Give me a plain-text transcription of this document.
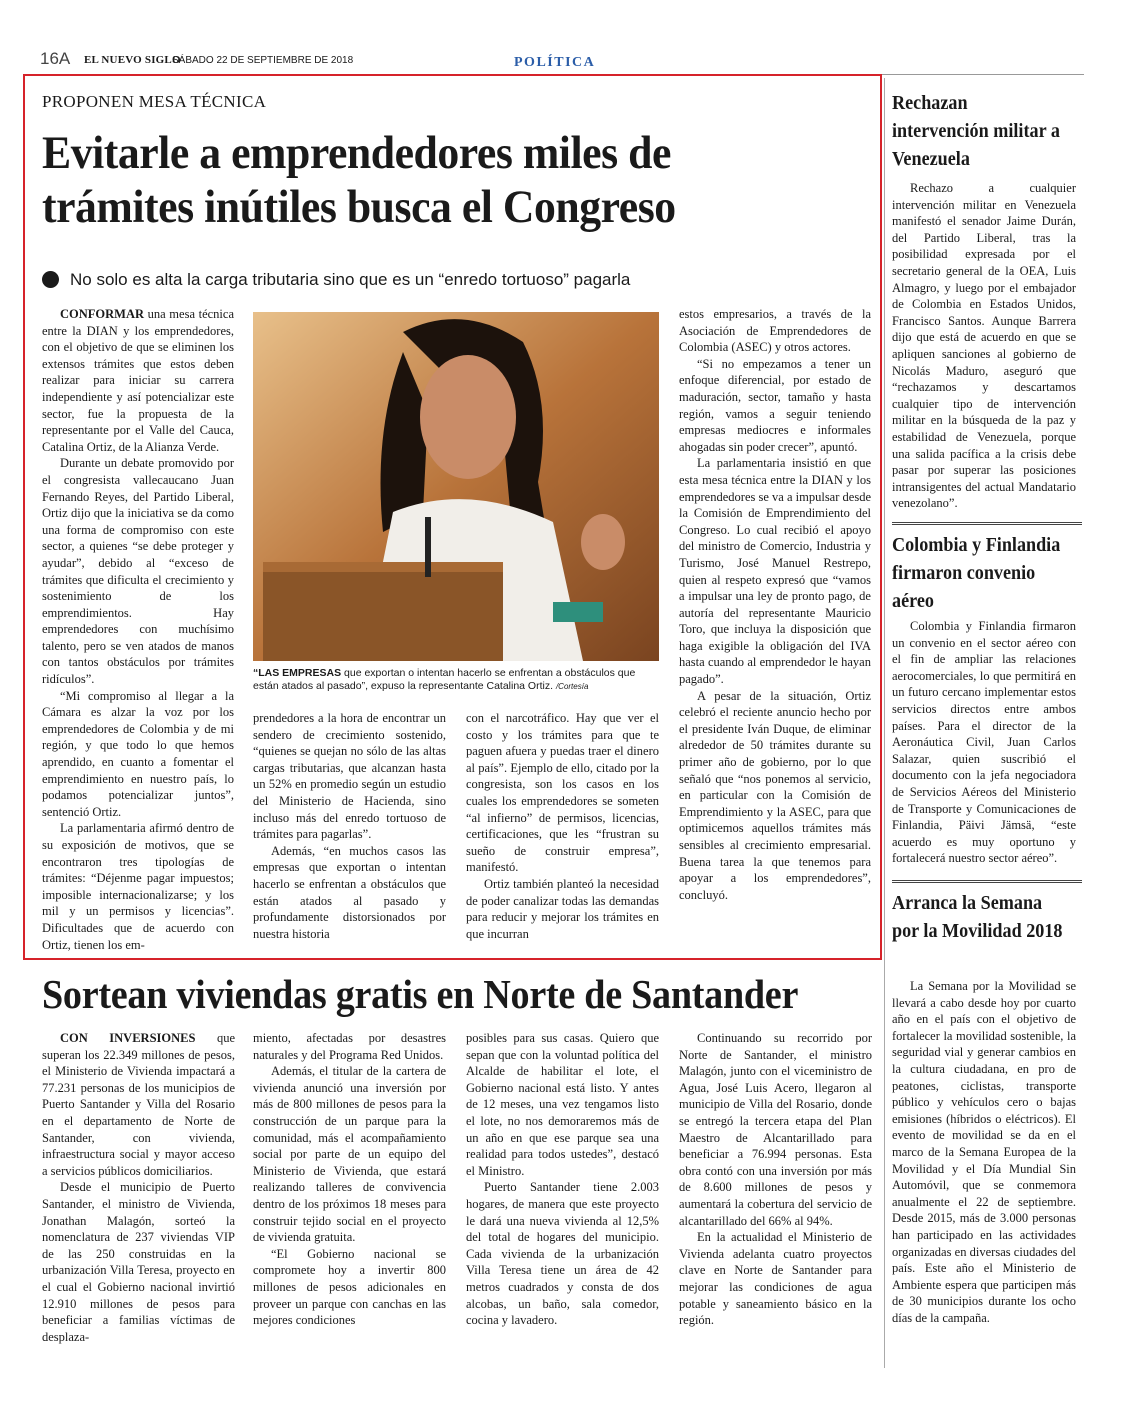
16A EL NUEVO SIGLO
SÁBADO 22 DE SEPTIEMBRE DE 2018	POLÍTICA
PROPONEN MESA TÉCNICA
Evitarle a emprendedores miles de
trámites inútiles busca el Congreso
No solo es alta la carga tributaria sino que es un “enredo tortuoso” pagarla

CONFORMAR una mesa técnica entre la DIAN y los emprendedores, con el objetivo de que se eliminen los extensos trámites que estos deben realizar para iniciar su carrera independiente y así potencializar este sector, fue la propuesta de la representante por el Valle del Cauca, Catalina Ortiz, de la Alianza Verde.

Durante un debate promovido por el congresista vallecaucano Juan Fernando Reyes, del Partido Liberal, Ortiz dijo que la iniciativa se da como una forma de compromiso con este sector, a quienes “se debe proteger y ayudar”, debido al “exceso de trámites que dificulta el crecimiento y sostenimiento de los emprendimientos. Hay emprendedores con muchísimo talento, pero se ven atados de manos con tantos obstáculos por trámites ridículos”.

“Mi compromiso al llegar a la Cámara es alzar la voz por los emprendedores de Colombia y de mi región, y que todo lo que hemos aprendido, en cuanto a fomentar el emprendimiento en nuestro país, lo podamos potencializar juntos”, sentenció Ortiz.

La parlamentaria afirmó dentro de su exposición de motivos, que se encontraron tres tipologías de trámites: “Déjenme pagar impuestos; imposible internacionalizarse; y los mil y un permisos y licencias”. Dificultades que de acuerdo con Ortiz, tienen los em-

“LAS EMPRESAS que exportan o intentan hacerlo se enfrentan a obstáculos que están atados al pasado”, expuso la representante Catalina Ortiz. /Cortesía

prendedores a la hora de encontrar un sendero de crecimiento sostenido, “quienes se quejan no sólo de las altas cargas tributarias, que alcanzan hasta un 52% en promedio según un estudio del Ministerio de Hacienda, sino incluso más del enredo tortuoso de trámites para pagarlas”.

Además, “en muchos casos las empresas que exportan o intentan hacerlo se enfrentan a obstáculos que están atados al pasado y profundamente distorsionados por nuestra historia

con el narcotráfico. Hay que ver el costo y los trámites para que te paguen afuera y puedas traer el dinero al país”. Ejemplo de ello, citado por la congresista, son los casos en los cuales los emprendedores se someten “al infierno” de permisos, licencias, certificaciones, que les “frustran su sueño de construir empresa”, manifestó.

Ortiz también planteó la necesidad de poder canalizar todas las demandas para reducir y mejorar los trámites en que incurran

estos empresarios, a través de la Asociación de Emprendedores de Colombia (ASEC) y otros actores.

“Si no empezamos a tener un enfoque diferencial, por estado de maduración, sector, tamaño y hasta región, vamos a seguir teniendo empresas mediocres e informales ahogadas sin poder crecer”, apuntó.

La parlamentaria insistió en que esta mesa técnica entre la DIAN y los emprendedores se va a impulsar desde la Comisión de Emprendimiento del Congreso. Lo cual recibió el apoyo del ministro de Comercio, Industria y Turismo, José Manuel Restrepo, quien al respeto expresó que “vamos a impulsar una ley de pronto pago, de autoría del representante Mauricio Toro, que incluya la disposición que haga exigible la obligación del IVA hasta cuando al emprendedor le hayan pagado”.

A pesar de la situación, Ortiz celebró el reciente anuncio hecho por el presidente Iván Duque, de eliminar alrededor de 50 trámites durante su primer año de gobierno, por lo que señaló que “nos ponemos al servicio, en particular con la Comisión de Emprendimiento y la ASEC, para que optimicemos aquellos trámites más sensibles al crecimiento empresarial. Buena tarea la que tenemos para apoyar a los emprendedores”, concluyó.

Sortean viviendas gratis en Norte de Santander

CON INVERSIONES que superan los 22.349 millones de pesos, el Ministerio de Vivienda impactará a 77.231 personas de los municipios de Puerto Santander y Villa del Rosario en el departamento de Norte de Santander, con vivienda, infraestructura social y mayor acceso a servicios públicos domiciliarios.

Desde el municipio de Puerto Santander, el ministro de Vivienda, Jonathan Malagón, sorteó la nomenclatura de 237 viviendas VIP de las 250 construidas en la urbanización Villa Teresa, proyecto en el cual el Gobierno nacional invirtió 12.910 millones de pesos para beneficiar a familias víctimas de desplaza-

miento, afectadas por desastres naturales y del Programa Red Unidos.

Además, el titular de la cartera de vivienda anunció una inversión por más de 800 millones de pesos para la construcción de un parque para la comunidad, más el acompañamiento social por parte de un equipo del Ministerio de Vivienda, que estará realizando talleres de convivencia dentro de los próximos 18 meses para construir tejido social en el proyecto de vivienda gratuita.

“El Gobierno nacional se compromete hoy a invertir 800 millones de pesos adicionales en proveer un parque con canchas en las mejores condiciones

posibles para sus casas. Quiero que sepan que con la voluntad política del Alcalde de habilitar el lote, el Gobierno nacional está listo. Y antes de 12 meses, una vez tengamos listo el lote, no nos demoraremos más de un año en que ese parque sea una realidad para todos ustedes”, destacó el Ministro.

Puerto Santander tiene 2.003 hogares, de manera que este proyecto le dará una nueva vivienda al 12,5% del total de hogares del municipio. Cada vivienda de la urbanización Villa Teresa tiene un área de 42 metros cuadrados y consta de dos alcobas, un baño, sala comedor, cocina y lavadero.

Continuando su recorrido por Norte de Santander, el ministro Malagón, junto con el viceministro de Agua, José Luis Acero, llegaron al municipio de Villa del Rosario, donde se entregó la tercera etapa del Plan Maestro de Alcantarillado para beneficiar a 76.994 personas. Esta obra contó con una inversión por más de 8.600 millones de pesos y aumentará la cobertura del servicio de alcantarillado del 66% al 94%.

En la actualidad el Ministerio de Vivienda adelanta cuatro proyectos clave en Norte de Santander para mejorar las condiciones de agua potable y saneamiento básico en la región.

Rechazan intervención militar a Venezuela

Rechazo a cualquier intervención militar en Venezuela manifestó el senador Jaime Durán, del Partido Liberal, tras la posibilidad expresada por el secretario general de la OEA, Luis Almagro, y luego por el embajador de Colombia en Estados Unidos, Francisco Santos. Aunque Barrera dijo que está de acuerdo en que se apliquen sanciones al gobierno de Nicolás Maduro, aseguró que “rechazamos y descartamos cualquier tipo de intervención militar en la búsqueda de la paz y estabilidad de Venezuela, porque una salida pacífica a la crisis debe pasar por superar las posiciones intransigentes del actual Mandatario venezolano”.

Colombia y Finlandia firmaron convenio aéreo

Colombia y Finlandia firmaron un convenio en el sector aéreo con el fin de ampliar las relaciones aerocomerciales, lo que permitirá en un futuro cercano implementar estos servicios directos entre ambos países. Para el director de la Aeronáutica Civil, Juan Carlos Salazar, quien suscribió el documento con la jefa negociadora de Servicios Aéreos del Ministerio de Transporte y Comunicaciones de Finlandia, Päivi Jämsä, “este acuerdo es muy oportuno y fortalecerá nuestro sector aéreo”.

Arranca la Semana por la Movilidad 2018

La Semana por la Movilidad se llevará a cabo desde hoy por cuarto año en el país con el objetivo de fortalecer la movilidad sostenible, la seguridad vial y generar cambios en la cultura ciudadana, en pro de peatones, ciclistas, transporte público y vehículos cero o bajas emisiones (híbridos o eléctricos). El evento de movilidad se da en el marco de la Semana Europea de la Movilidad y el Día Mundial Sin Automóvil, que se conmemora anualmente el 22 de septiembre. Desde 2015, más de 3.000 personas han participado en las actividades organizadas en diversas ciudades del país. Este año el Ministerio de Ambiente espera que participen más de 30 municipios durante los ocho días de la campaña.
